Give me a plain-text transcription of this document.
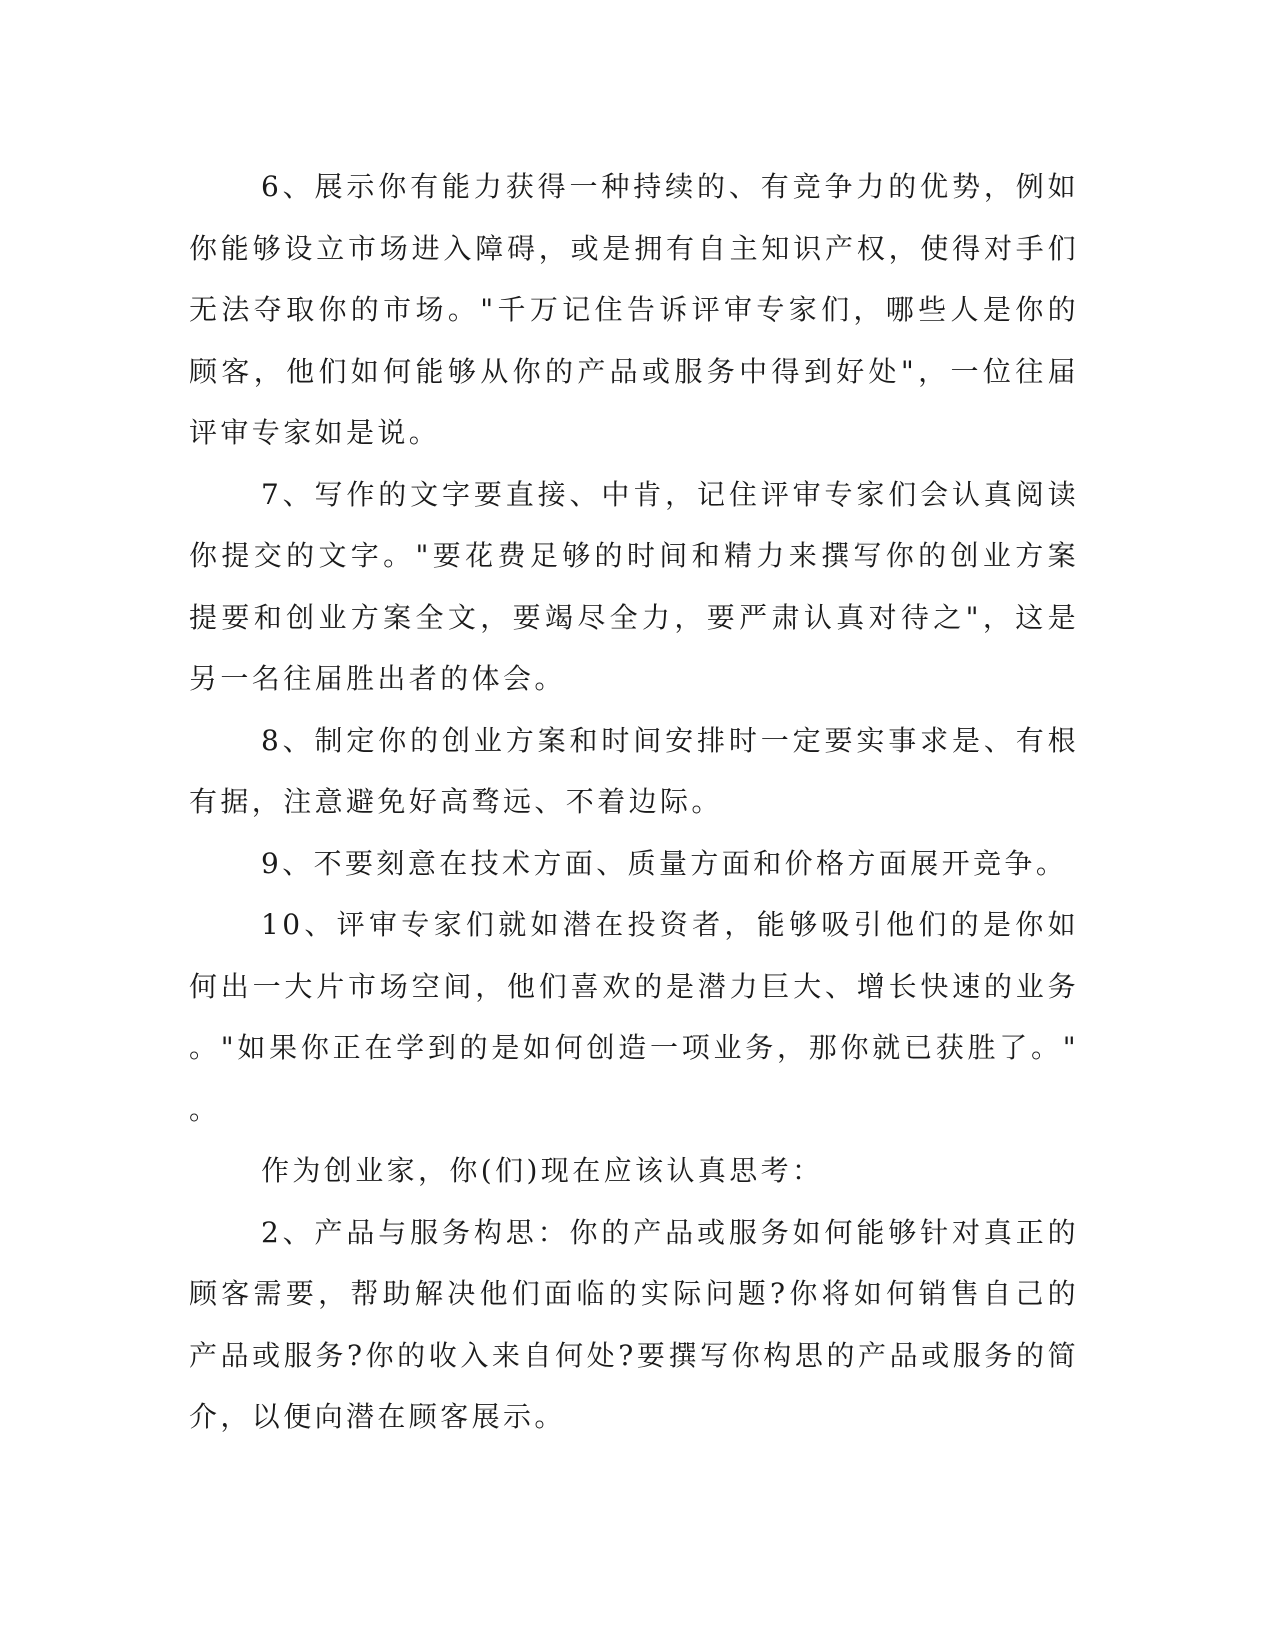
6、展示你有能力获得一种持续的、有竞争力的优势，例如你能够设立市场进入障碍，或是拥有自主知识产权，使得对手们无法夺取你的市场。"千万记住告诉评审专家们，哪些人是你的顾客，他们如何能够从你的产品或服务中得到好处"，一位往届评审专家如是说。

7、写作的文字要直接、中肯，记住评审专家们会认真阅读你提交的文字。"要花费足够的时间和精力来撰写你的创业方案提要和创业方案全文，要竭尽全力，要严肃认真对待之"，这是另一名往届胜出者的体会。

8、制定你的创业方案和时间安排时一定要实事求是、有根有据，注意避免好高骛远、不着边际。

9、不要刻意在技术方面、质量方面和价格方面展开竞争。

10、评审专家们就如潜在投资者，能够吸引他们的是你如何出一大片市场空间，他们喜欢的是潜力巨大、增长快速的业务。"如果你正在学到的是如何创造一项业务，那你就已获胜了。"。

作为创业家，你(们)现在应该认真思考：

2、产品与服务构思：你的产品或服务如何能够针对真正的顾客需要，帮助解决他们面临的实际问题?你将如何销售自己的产品或服务?你的收入来自何处?要撰写你构思的产品或服务的简介，以便向潜在顾客展示。
